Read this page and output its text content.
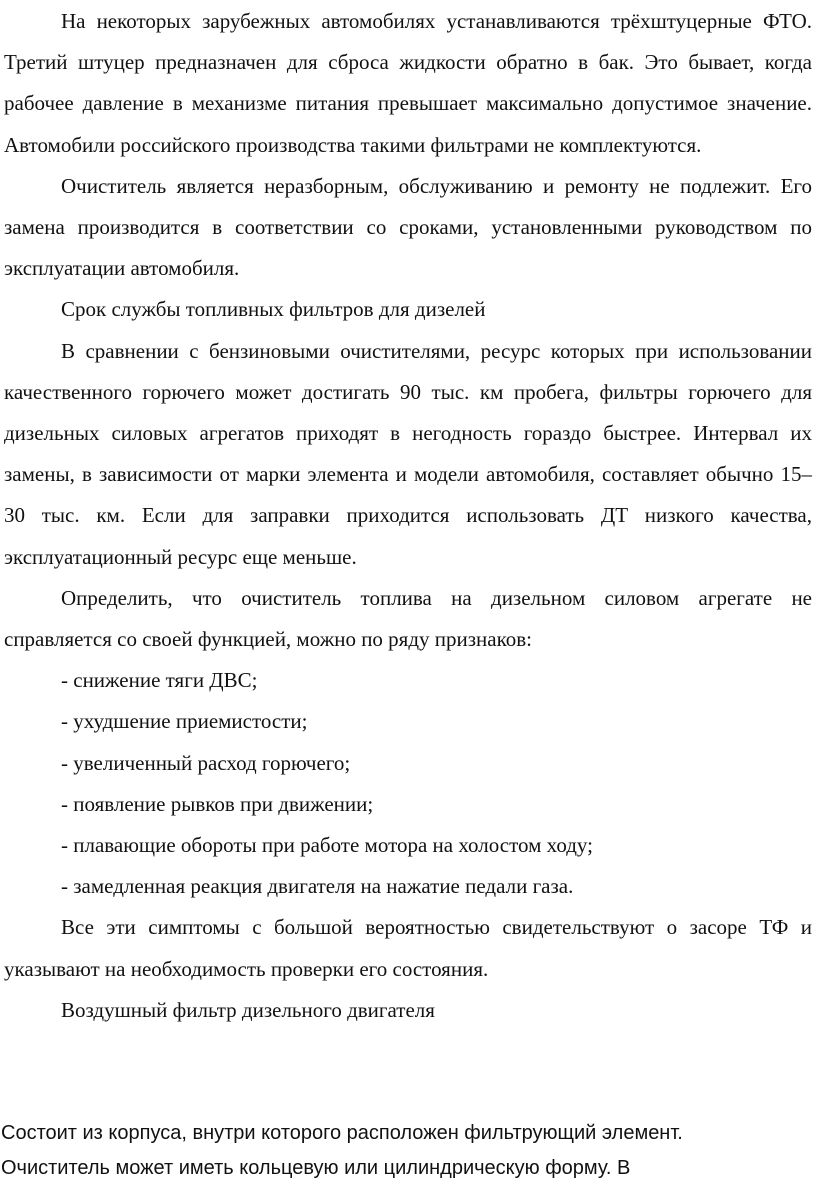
На некоторых зарубежных автомобилях устанавливаются трёхштуцерные ФТО. Третий штуцер предназначен для сброса жидкости обратно в бак. Это бывает, когда рабочее давление в механизме питания превышает максимально допустимое значение. Автомобили российского производства такими фильтрами не комплектуются.

Очиститель является неразборным, обслуживанию и ремонту не подлежит. Его замена производится в соответствии со сроками, установленными руководством по эксплуатации автомобиля.

Срок службы топливных фильтров для дизелей

В сравнении с бензиновыми очистителями, ресурс которых при использовании качественного горючего может достигать 90 тыс. км пробега, фильтры горючего для дизельных силовых агрегатов приходят в негодность гораздо быстрее. Интервал их замены, в зависимости от марки элемента и модели автомобиля, составляет обычно 15–30 тыс. км. Если для заправки приходится использовать ДТ низкого качества, эксплуатационный ресурс еще меньше.

Определить, что очиститель топлива на дизельном силовом агрегате не справляется со своей функцией, можно по ряду признаков:

- снижение тяги ДВС;

- ухудшение приемистости;

- увеличенный расход горючего;

- появление рывков при движении;

- плавающие обороты при работе мотора на холостом ходу;

- замедленная реакция двигателя на нажатие педали газа.

Все эти симптомы с большой вероятностью свидетельствуют о засоре ТФ и указывают на необходимость проверки его состояния.

Воздушный фильтр дизельного двигателя

Состоит из корпуса, внутри которого расположен фильтрующий элемент.

Очиститель может иметь кольцевую или цилиндрическую форму. В
